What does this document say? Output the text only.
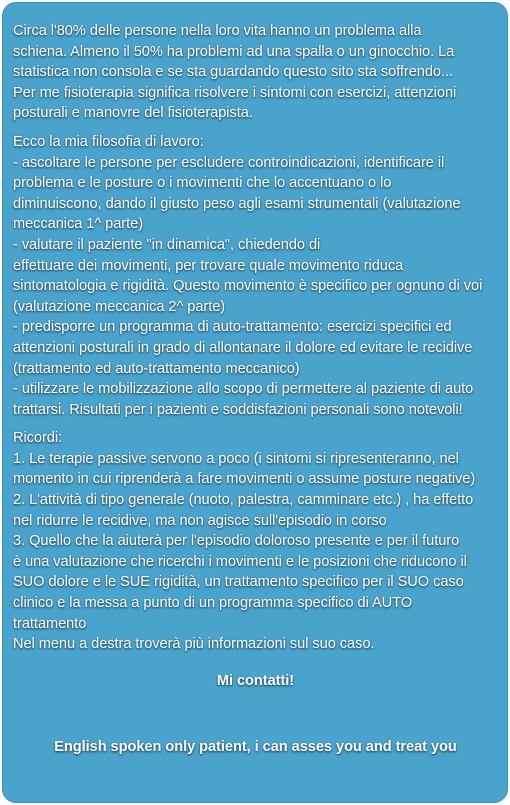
Circa l'80% delle persone nella loro vita hanno un problema alla
schiena. Almeno il 50% ha problemi ad una spalla o un ginocchio. La
statistica non consola e se sta guardando questo sito sta soffrendo...
Per me fisioterapia significa risolvere i sintomi con esercizi, attenzioni
posturali e manovre del fisioterapista.
Ecco la mia filosofia di lavoro:
- ascoltare le persone per escludere controindicazioni, identificare il
problema e le posture o i movimenti che lo accentuano o lo
diminuiscono, dando il giusto peso agli esami strumentali (valutazione
meccanica 1^ parte)
- valutare il paziente "in dinamica", chiedendo di
effettuare dei movimenti, per trovare quale movimento riduca
sintomatologia e rigidità. Questo movimento è specifico per ognuno di voi
(valutazione meccanica 2^ parte)
- predisporre un programma di auto-trattamento: esercizi specifici ed
attenzioni posturali in grado di allontanare il dolore ed evitare le recidive
(trattamento ed auto-trattamento meccanico)
- utilizzare le mobilizzazione allo scopo di permettere al paziente di auto
trattarsi. Risultati per i pazienti e soddisfazioni personali sono notevoli!
Ricordi:
1. Le terapie passive servono a poco (i sintomi si ripresenteranno, nel
momento in cui riprenderà a fare movimenti o assume posture negative)
2. L'attività di tipo generale (nuoto, palestra, camminare etc.) , ha effetto
nel ridurre le recidive, ma non agisce sull'episodio in corso
3. Quello che la aiuterà per l'episodio doloroso presente e per il futuro
è una valutazione che ricerchi i movimenti e le posizioni che riducono il
SUO dolore e le SUE rigidità, un trattamento specifico per il SUO caso
clinico e la messa a punto di un programma specifico di AUTO
trattamento
Nel menu a destra troverà più informazioni sul suo caso.
Mi contatti!
English spoken only patient, i can asses you and treat you
